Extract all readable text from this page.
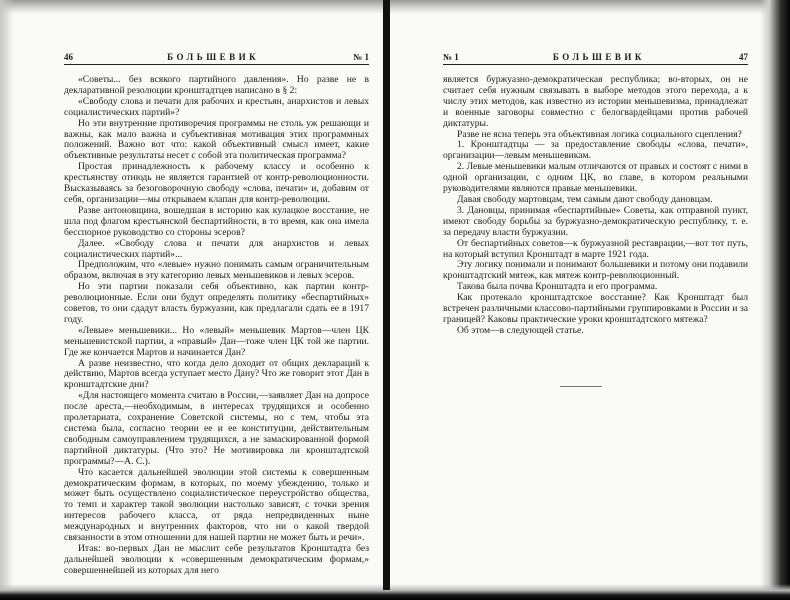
46	БОЛЬШЕВИК	№ 1

«Советы... без всякого партийного давления». Но разве не в декларативной резолюции кронштадтцев написано в § 2:

«Свободу слова и печати для рабочих и крестьян, анархистов и левых социалистических партий»?

Но эти внутренние противоречия программы не столь уж решающи и важны, как мало важна и субъективная мотивация этих программных положений. Важно вот что: какой объективный смысл имеет, какие объективные результаты несет с собой эта политическая программа?

Простая принадлежность к рабочему классу и особенно к крестьянству отнюдь не является гарантией от контр-революционности. Высказываясь за безоговорочную свободу «слова, печати» и, добавим от себя, организации—мы открываем клапан для контр-революции.

Разве антоновщина, вошедшая в историю как кулацкое восстание, не шла под флагом крестьянской беспартийности, в то время, как она имела бесспорное руководство со стороны эсеров?

Далее. «Свободу слова и печати для анархистов и левых социалистических партий»...

Предположим, что «левые» нужно понимать самым ограничительным образом, включая в эту категорию левых меньшевиков и левых эсеров.

Но эти партии показали себя объективно, как партии контр-революционные. Если они будут определять политику «беспартийных» советов, то они сдадут власть буржуазии, как предлагали сдать ее в 1917 году.

«Левые» меньшевики... Но «левый» меньшевик Мартов—член ЦК меньшевистской партии, а «правый» Дан—тоже член ЦК той же партии. Где же кончается Мартов и начинается Дан?

А разве неизвестно, что когда дело доходит от общих деклараций к действию, Мартов всегда уступает место Дану? Что же говорит этот Дан в кронштадтские дни?

«Для настоящего момента считаю в России,—заявляет Дан на допросе после ареста,—необходимым, в интересах трудящихся и особенно пролетариата, сохранение Советской системы, но с тем, чтобы эта система была, согласно теории ее и ее конституции, действительным свободным самоуправлением трудящихся, а не замаскированной формой партийной диктатуры. (Что это? Не мотивировка ли кронштадтской программы?—А. С.).

Что касается дальнейшей эволюции этой системы к совершенным демократическим формам, в которых, по моему убеждению, только и может быть осуществлено социалистическое переустройство общества, то темп и характер такой эволюции настолько зависят, с точки зрения интересов рабочего класса, от ряда непредвиденных ныне международных и внутренних факторов, что ни о какой твердой связанности в этом отношении для нашей партии не может быть и речи».

Итак: во-первых Дан не мыслит себе результатов Кронштадта без дальнейшей эволюции к «совершенным демократическим формам,» совершеннейшей из которых для него

№ 1	БОЛЬШЕВИК	47

является буржуазно-демократическая республика; во-вторых, он не считает себя нужным связывать в выборе методов этого перехода, а к числу этих методов, как известно из истории меньшевизма, принадлежат и военные заговоры совместно с белогвардейцами против рабочей диктатуры.

Разве не ясна теперь эта объективная логика социального сцепления?

1. Кронштадтцы — за предоставление свободы «слова, печати», организации—левым меньшевикам.

2. Левые меньшевики малым отличаются от правых и состоят с ними в одной организации, с одним ЦК, во главе, в котором реальными руководителями являются правые меньшевики.

Давая свободу мартовцам, тем самым дают свободу дановцам.

3. Дановцы, принимая «беспартийные» Советы, как отправной пункт, имеют свободу борьбы за буржуазно-демократическую республику, т. е. за передачу власти буржуазии.

От беспартийных советов—к буржуазной реставрации,—вот тот путь, на который вступил Кронштадт в марте 1921 года.

Эту логику понимали и понимают большевики и потому они подавили кронштадтский мятеж, как мятеж контр-революционный.

Такова была почва Кронштадта и его программа.

Как протекало кронштадтское восстание? Как Кронштадт был встречен различными классово-партийными группировками в России и за границей? Каковы практические уроки кронштадтского мятежа?

Об этом—в следующей статье.
